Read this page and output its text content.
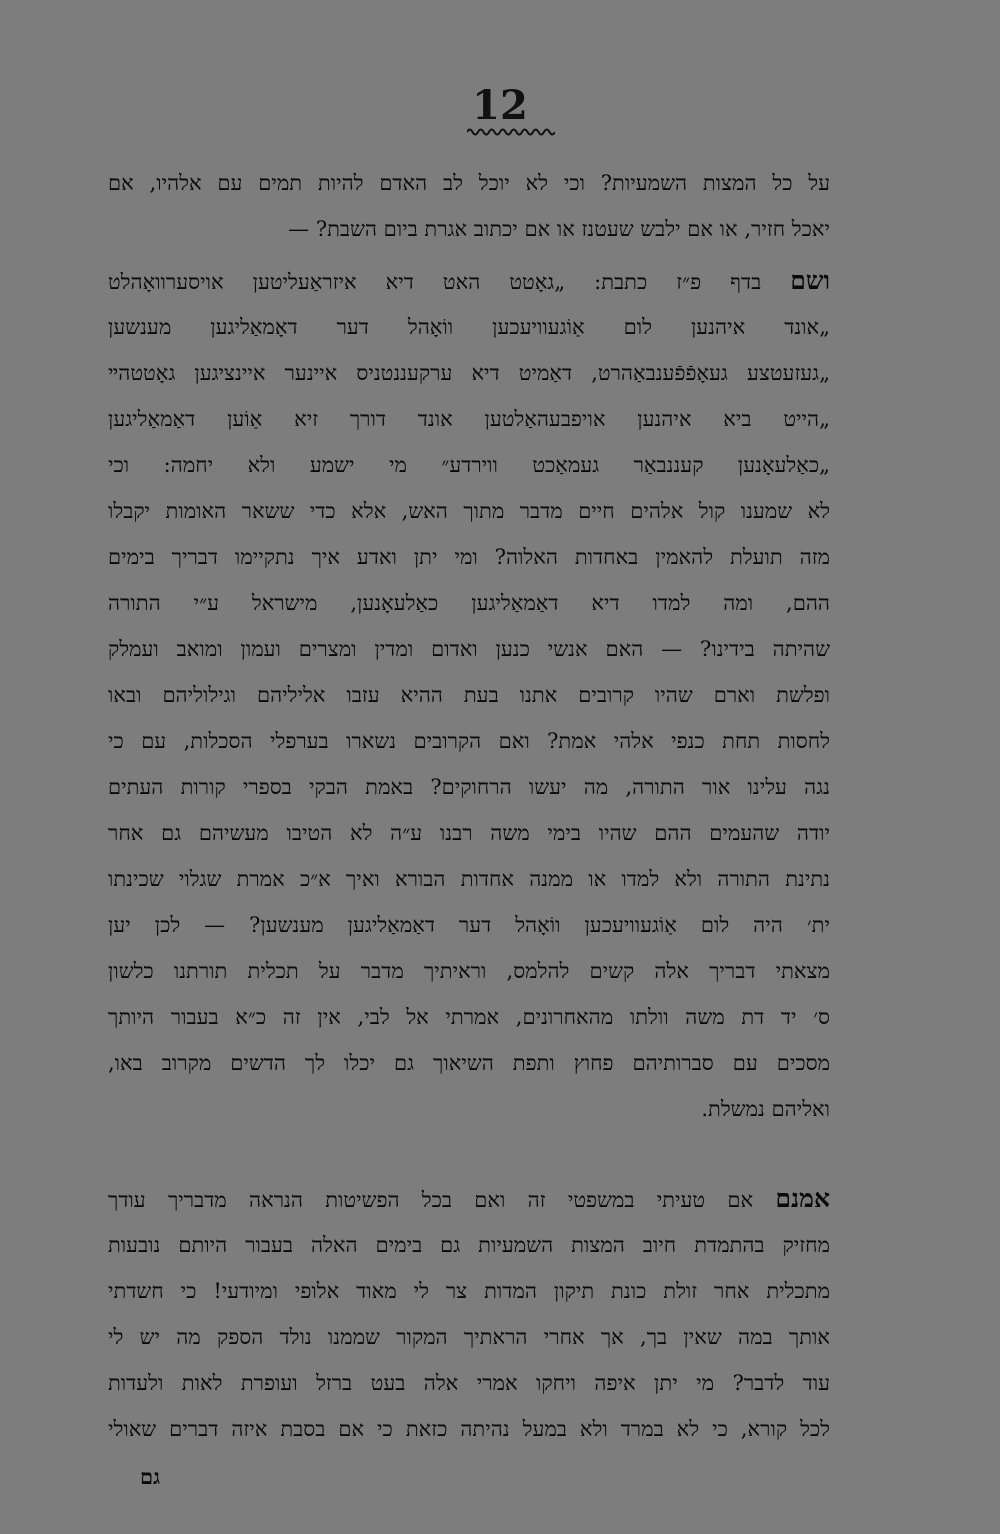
12
על כל המצות השמעיות? וכי לא יוכל לב האדם להיות תמים עם אלהיו, אם
יאכל חזיר, או אם ילבש שעטנז או אם יכתוב אגרת ביום השבת? —
ושם בדף פ״ז כתבת: „גאָטט האט דיא איזראַעליטען אויסערוואָהלט
„אונד איהנען לום אַוֹגעוויעכען ווֹאָהל דער דאָמאַליגען מענשען
„געזעטצע געאָפֿפֿענבאַהרט, דאַמיט דיא ערקעננטניס איינער איינציגען גאָטטהײ
„הייט ביא איהנען אויפבעהאַלטען אונד דורך זיא אַוֹען דאַמאַליגען
„כאַלעאָנען קעננבאַר געמאַכט ווירדע״ מי ישמע ולא יחמה: וכי
לא שמענו קול אלהים חיים מדבר מתוך האש, אלא כדי ששאר האומות יקבלו
מזה תועלת להאמין באחדות האלוה? ומי יתן ואדע איך נתקיימו דבריך בימים
ההם, ומה למדו דיא דאַמאַליגען כאַלעאָנען, מישראל ע״י התורה
שהיתה בידינו? — האם אנשי כנען ואדום ומדין ומצרים ועמון ומואב ועמלק
ופלשת וארם שהיו קרובים אתנו בעת ההיא עזבו אליליהם וגילוליהם ובאו
לחסות תחת כנפי אלהי אמת? ואם הקרובים נשארו בערפלי הסכלות, עם כי
נגה עלינו אור התורה, מה יעשו הרחוקים? באמת הבקי בספרי קורות העתים
יודה שהעמים ההם שהיו בימי משה רבנו ע״ה לא הטיבו מעשיהם גם אחר
נתינת התורה ולא למדו או ממנה אחדות הבורא ואיך א״כ אמרת שגלוי שכינתו
ית׳ היה לום אַוֹגעוויעכען ווֹאָהל דער דאַמאַליגען מענשען? — לכן יען
מצאתי דבריך אלה קשים להלמס, וראיתיך מדבר על תכלית תורתנו כלשון
ס׳ יד דת משה וולתו מהאחרונים, אמרתי אל לבי, אין זה כ״א בעבור היותך
מסכים עם סברותיהם פחוץ ותפת השיאוך גם יכלו לך הדשים מקרוב באו,
ואליהם נמשלת.
אמנם אם טעיתי במשפטי זה ואם בכל הפשיטות הנראה מדבריך עודך
מחזיק בהתמדת חיוב המצות השמעיות גם בימים האלה בעבור היותם נובעות
מתכלית אחר זולת כונת תיקון המדות צר לי מאוד אלופי ומיודעי! כי חשדתי
אותך במה שאין בך, אך אחרי הראתיך המקור שממנו נולד הספק מה יש לי
עוד לדבר? מי יתן איפה ויחקו אמרי אלה בעט ברזל ועופרת לאות ולעדות
לכל קורא, כי לא במרד ולא במעל נהיתה כזאת כי אם בסבת איזה דברים שאולי
גם
